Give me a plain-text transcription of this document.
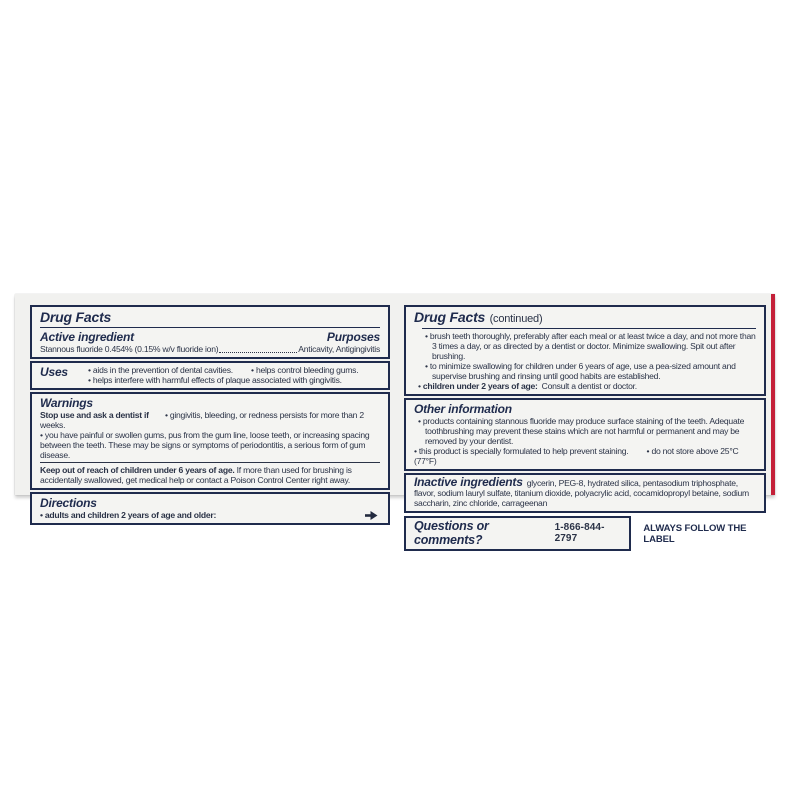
Drug Facts
Active ingredient	Purposes
Stannous fluoride 0.454% (0.15% w/v fluoride ion)	Anticavity, Antigingivitis
Uses	• aids in the prevention of dental cavities.	• helps control bleeding gums.
• helps interfere with harmful effects of plaque associated with gingivitis.
Warnings

Stop use and ask a dentist if • gingivitis, bleeding, or redness persists for more than 2 weeks.

• you have painful or swollen gums, pus from the gum line, loose teeth, or increasing spacing between the teeth. These may be signs or symptoms of periodontitis, a serious form of gum disease.

Keep out of reach of children under 6 years of age. If more than used for brushing is accidentally swallowed, get medical help or contact a Poison Control Center right away.

Directions
• adults and children 2 years of age and older:
Drug Facts (continued)

• brush teeth thoroughly, preferably after each meal or at least twice a day, and not more than 3 times a day, or as directed by a dentist or doctor. Minimize swallowing. Spit out after brushing.

• to minimize swallowing for children under 6 years of age, use a pea-sized amount and supervise brushing and rinsing until good habits are established.

• children under 2 years of age: Consult a dentist or doctor.

Other information

• products containing stannous fluoride may produce surface staining of the teeth. Adequate toothbrushing may prevent these stains which are not harmful or permanent and may be removed by your dentist.

• this product is specially formulated to help prevent staining.	• do not store above 25°C (77°F)

Inactive ingredients glycerin, PEG-8, hydrated silica, pentasodium triphosphate, flavor, sodium lauryl sulfate, titanium dioxide, polyacrylic acid, cocamidopropyl betaine, sodium saccharin, zinc chloride, carrageenan

Questions or comments?
1-866-844-2797
ALWAYS FOLLOW THE LABEL
